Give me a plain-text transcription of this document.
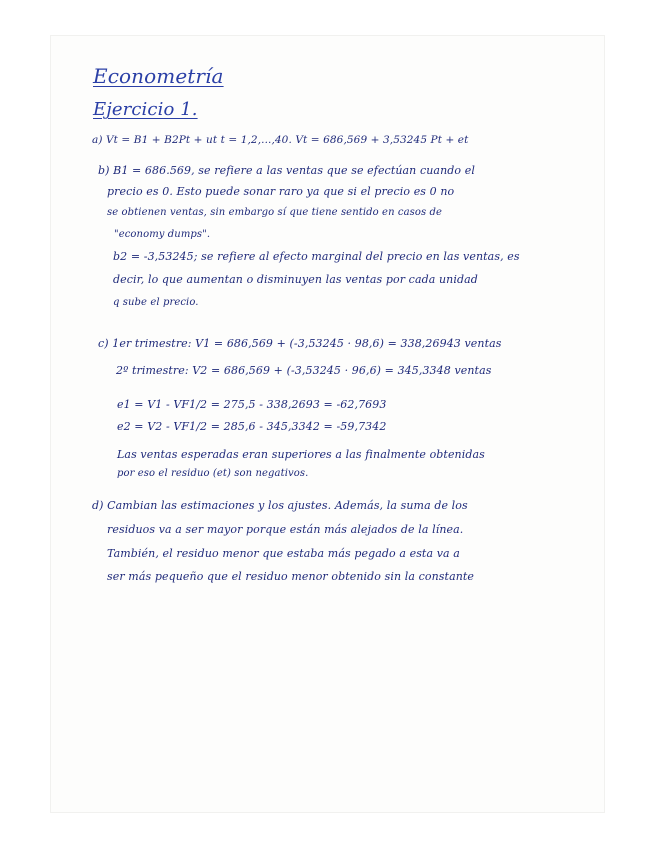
Econometría
Ejercicio 1.
a) Vt = B1 + B2Pt + ut t = 1,2,...,40. Vt = 686,569 + 3,53245 Pt + et
b) B1 = 686.569, se refiere a las ventas que se efectúan cuando el
precio es 0. Esto puede sonar raro ya que si el precio es 0 no
se obtienen ventas, sin embargo sí que tiene sentido en casos de
"economy dumps".
b2 = -3,53245; se refiere al efecto marginal del precio en las ventas, es
decir, lo que aumentan o disminuyen las ventas por cada unidad
q sube el precio.
c) 1er trimestre: V1 = 686,569 + (-3,53245 · 98,6) = 338,26943 ventas
2º trimestre: V2 = 686,569 + (-3,53245 · 96,6) = 345,3348 ventas
e1 = V1 - VF1/2 = 275,5 - 338,2693 = -62,7693
e2 = V2 - VF1/2 = 285,6 - 345,3342 = -59,7342
Las ventas esperadas eran superiores a las finalmente obtenidas
por eso el residuo (et) son negativos.
d) Cambian las estimaciones y los ajustes. Además, la suma de los
residuos va a ser mayor porque están más alejados de la línea.
También, el residuo menor que estaba más pegado a esta va a
ser más pequeño que el residuo menor obtenido sin la constante
